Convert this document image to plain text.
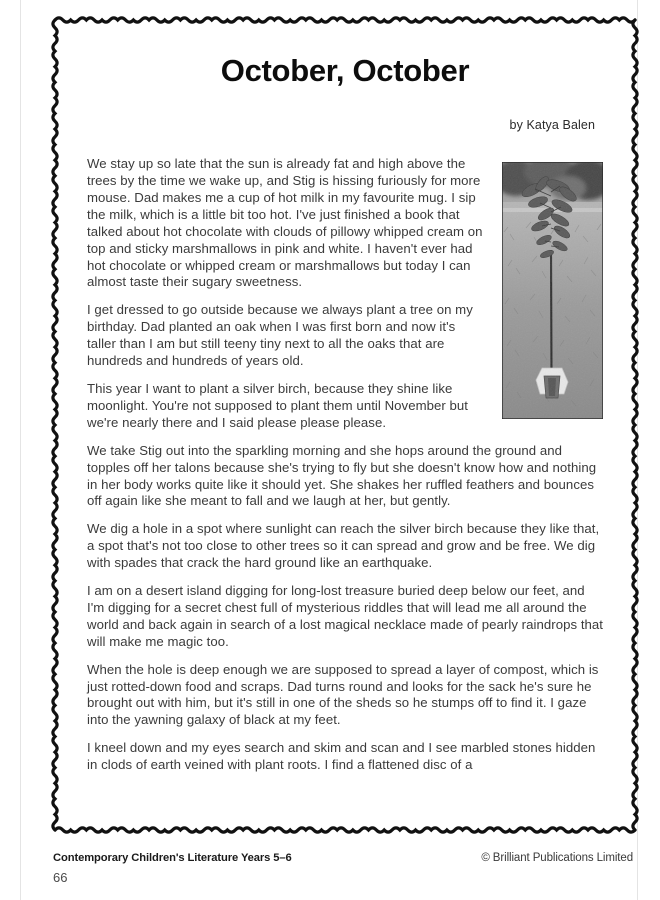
October, October

by Katya Balen

We stay up so late that the sun is already fat and high above the trees by the time we wake up, and Stig is hissing furiously for more mouse. Dad makes me a cup of hot milk in my favourite mug. I sip the milk, which is a little bit too hot. I've just finished a book that talked about hot chocolate with clouds of pillowy whipped cream on top and sticky marshmallows in pink and white. I haven't ever had hot chocolate or whipped cream or marshmallows but today I can almost taste their sugary sweetness.

I get dressed to go outside because we always plant a tree on my birthday. Dad planted an oak when I was first born and now it's taller than I am but still teeny tiny next to all the oaks that are hundreds and hundreds of years old.

This year I want to plant a silver birch, because they shine like moonlight. You're not supposed to plant them until November but we're nearly there and I said please please please.

We take Stig out into the sparkling morning and she hops around the ground and topples off her talons because she's trying to fly but she doesn't know how and nothing in her body works quite like it should yet. She shakes her ruffled feathers and bounces off again like she meant to fall and we laugh at her, but gently.

We dig a hole in a spot where sunlight can reach the silver birch because they like that, a spot that's not too close to other trees so it can spread and grow and be free. We dig with spades that crack the hard ground like an earthquake.

I am on a desert island digging for long-lost treasure buried deep below our feet, and I'm digging for a secret chest full of mysterious riddles that will lead me all around the world and back again in search of a lost magical necklace made of pearly raindrops that will make me magic too.

When the hole is deep enough we are supposed to spread a layer of compost, which is just rotted-down food and scraps. Dad turns round and looks for the sack he's sure he brought out with him, but it's still in one of the sheds so he stumps off to find it. I gaze into the yawning galaxy of black at my feet.

I kneel down and my eyes search and skim and scan and I see marbled stones hidden in clods of earth veined with plant roots. I find a flattened disc of a

Contemporary Children's Literature Years 5–6	© Brilliant Publications Limited
66
